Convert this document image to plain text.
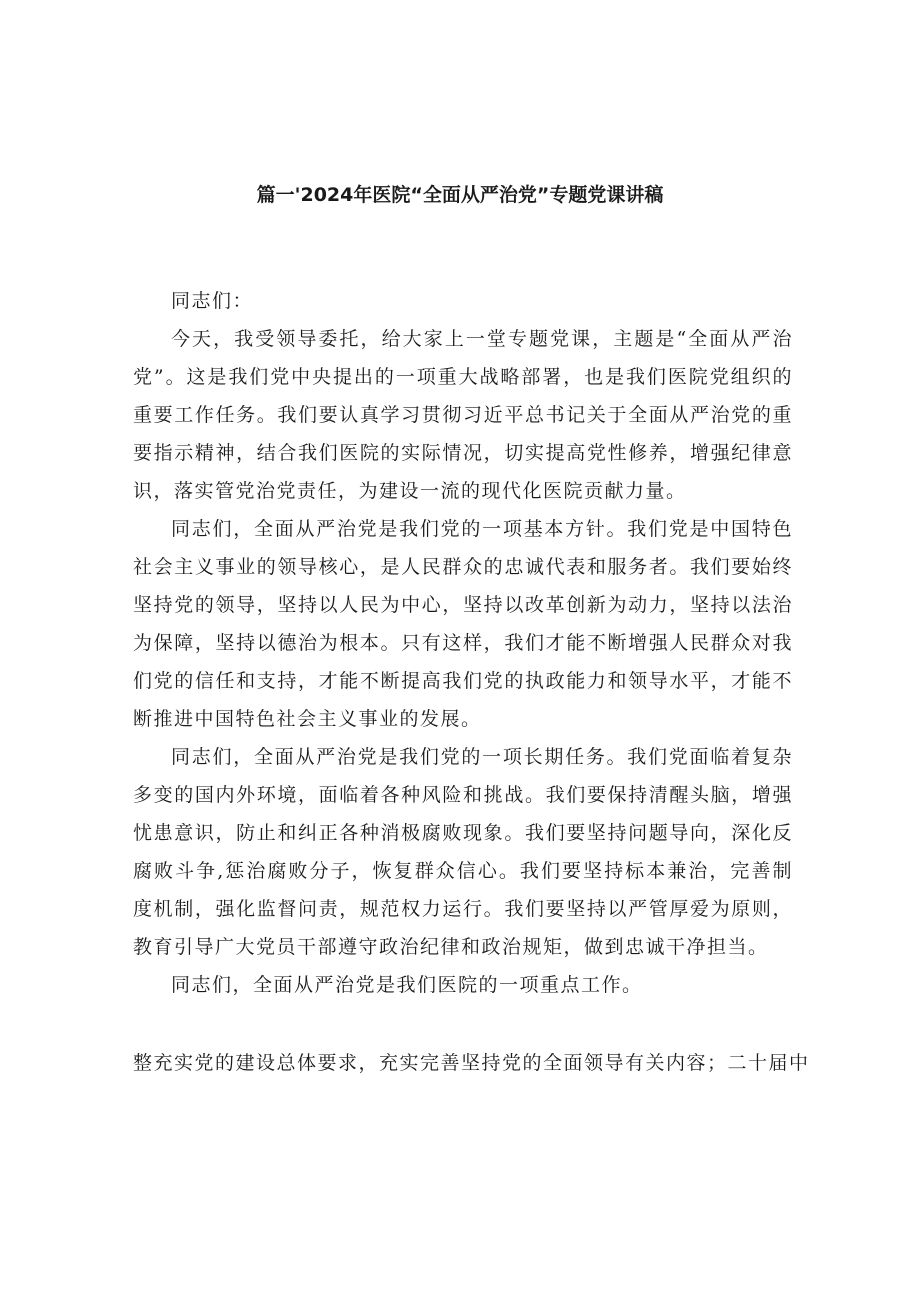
篇一'2024年医院“全面从严治党”专题党课讲稿

同志们：

今天，我受领导委托，给大家上一堂专题党课，主题是“全面从严治党”。这是我们党中央提出的一项重大战略部署，也是我们医院党组织的重要工作任务。我们要认真学习贯彻习近平总书记关于全面从严治党的重要指示精神，结合我们医院的实际情况，切实提高党性修养，增强纪律意识，落实管党治党责任，为建设一流的现代化医院贡献力量。

同志们，全面从严治党是我们党的一项基本方针。我们党是中国特色社会主义事业的领导核心，是人民群众的忠诚代表和服务者。我们要始终坚持党的领导，坚持以人民为中心，坚持以改革创新为动力，坚持以法治为保障，坚持以德治为根本。只有这样，我们才能不断增强人民群众对我们党的信任和支持，才能不断提高我们党的执政能力和领导水平，才能不断推进中国特色社会主义事业的发展。

同志们，全面从严治党是我们党的一项长期任务。我们党面临着复杂多变的国内外环境，面临着各种风险和挑战。我们要保持清醒头脑，增强忧患意识，防止和纠正各种消极腐败现象。我们要坚持问题导向，深化反腐败斗争,惩治腐败分子，恢复群众信心。我们要坚持标本兼治，完善制度机制，强化监督问责，规范权力运行。我们要坚持以严管厚爱为原则，教育引导广大党员干部遵守政治纪律和政治规矩，做到忠诚干净担当。

同志们，全面从严治党是我们医院的一项重点工作。

整充实党的建设总体要求，充实完善坚持党的全面领导有关内容；二十届中
